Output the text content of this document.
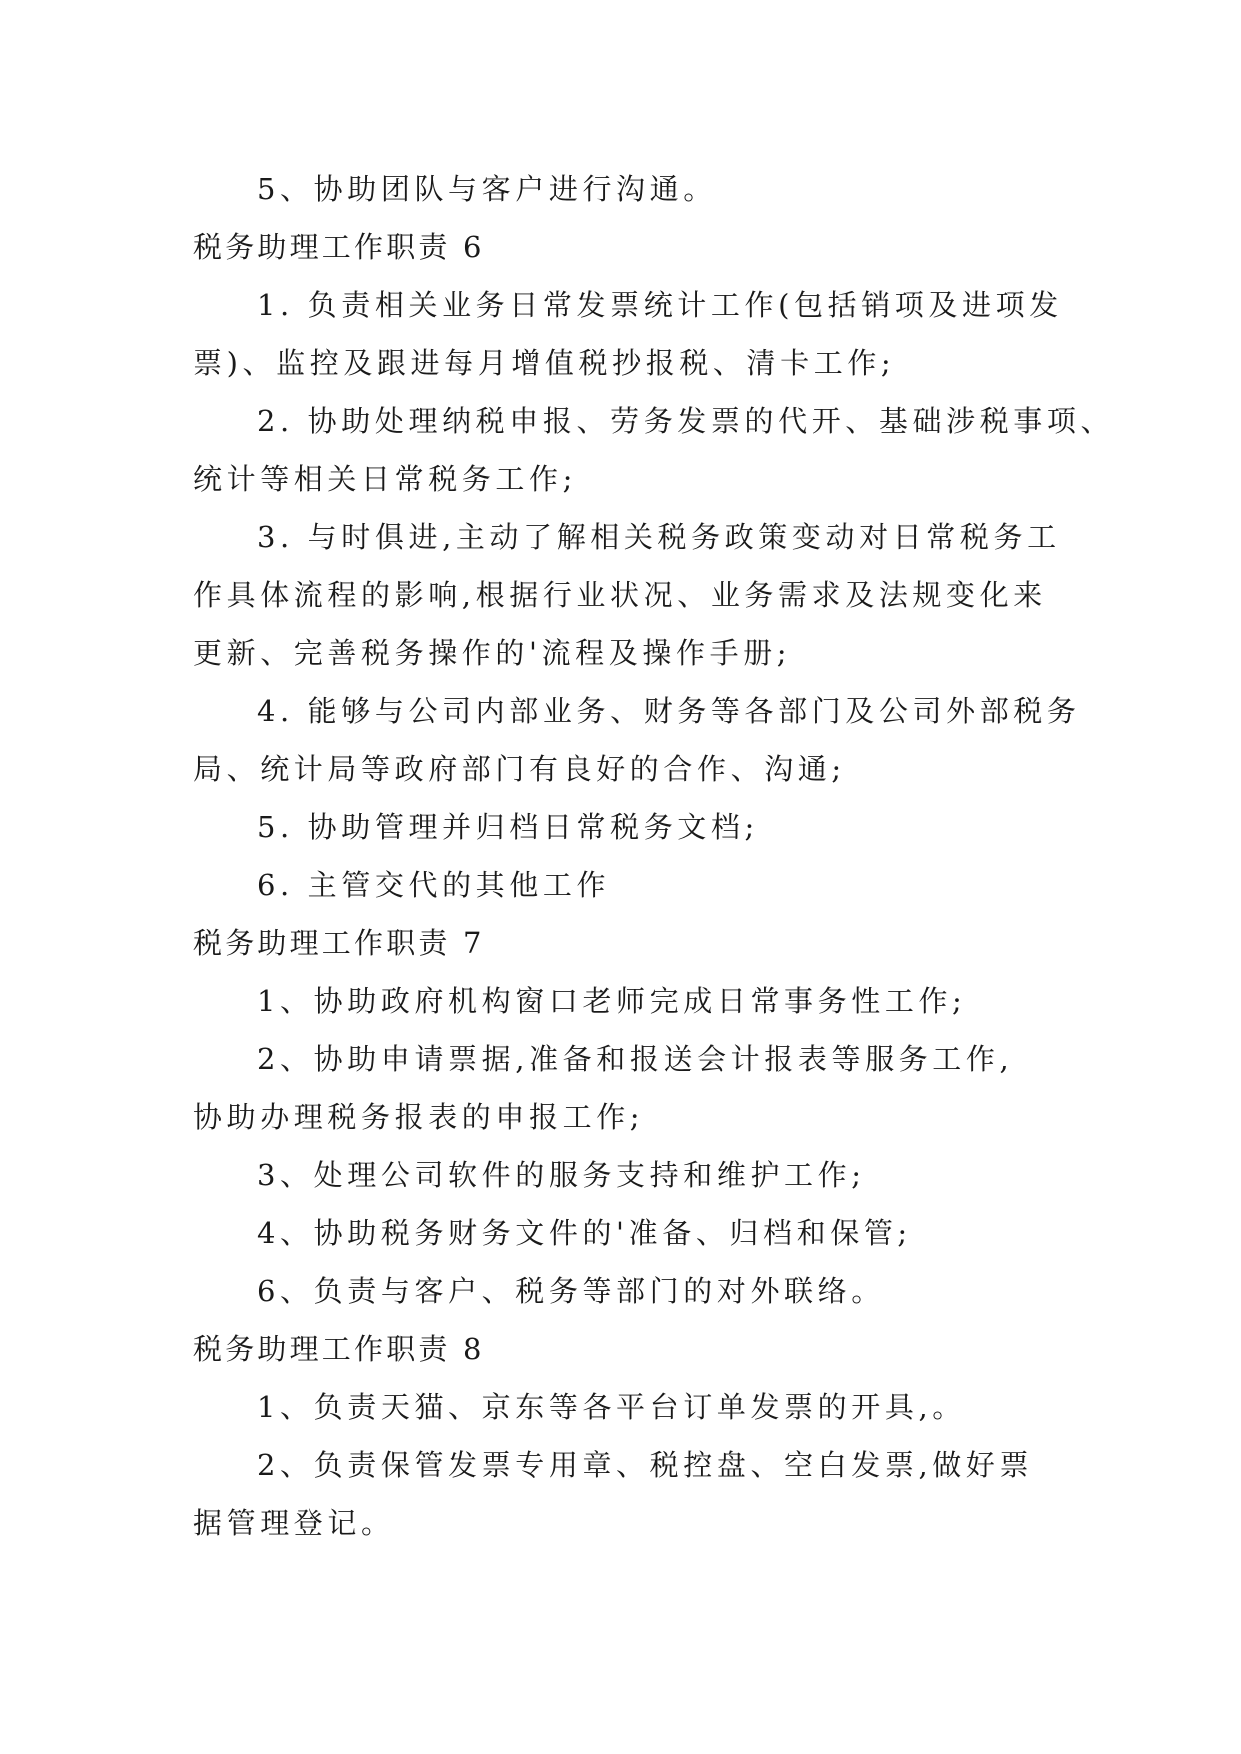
5、协助团队与客户进行沟通。
税务助理工作职责 6
1. 负责相关业务日常发票统计工作(包括销项及进项发
票)、监控及跟进每月增值税抄报税、清卡工作;
2. 协助处理纳税申报、劳务发票的代开、基础涉税事项、
统计等相关日常税务工作;
3. 与时俱进,主动了解相关税务政策变动对日常税务工
作具体流程的影响,根据行业状况、业务需求及法规变化来
更新、完善税务操作的'流程及操作手册;
4. 能够与公司内部业务、财务等各部门及公司外部税务
局、统计局等政府部门有良好的合作、沟通;
5. 协助管理并归档日常税务文档;
6. 主管交代的其他工作
税务助理工作职责 7
1、协助政府机构窗口老师完成日常事务性工作;
2、协助申请票据,准备和报送会计报表等服务工作,
协助办理税务报表的申报工作;
3、处理公司软件的服务支持和维护工作;
4、协助税务财务文件的'准备、归档和保管;
6、负责与客户、税务等部门的对外联络。
税务助理工作职责 8
1、负责天猫、京东等各平台订单发票的开具,。
2、负责保管发票专用章、税控盘、空白发票,做好票
据管理登记。
